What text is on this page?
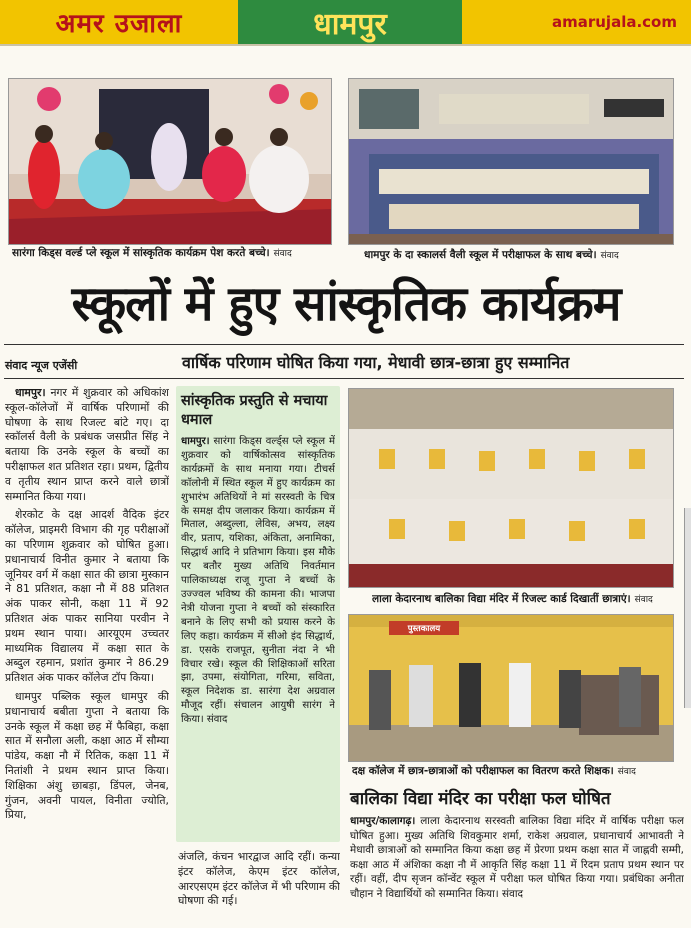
अमर उजाला	धामपुर	amarujala.com
सारंगा किड्स वर्ल्ड प्ले स्कूल में सांस्कृतिक कार्यक्रम पेश करते बच्चे। संवाद	धामपुर के दा स्कालर्स वैली स्कूल में परीक्षाफल के साथ बच्चे। संवाद
स्कूलों में हुए सांस्कृतिक कार्यक्रम
संवाद न्यूज एजेंसी	वार्षिक परिणाम घोषित किया गया, मेधावी छात्र-छात्रा हुए सम्मानित

धामपुर। नगर में शुक्रवार को अधिकांश स्कूल-कॉलेजों में वार्षिक परिणामों की घोषणा के साथ रिजल्ट बांटे गए। दा स्कॉलर्स वैली के प्रबंधक जसप्रीत सिंह ने बताया कि उनके स्कूल के बच्चों का परीक्षाफल शत प्रतिशत रहा। प्रथम, द्वितीय व तृतीय स्थान प्राप्त करने वाले छात्रों सम्मानित किया गया।

शेरकोट के दक्ष आदर्श वैदिक इंटर कॉलेज, प्राइमरी विभाग की गृह परीक्षाओं का परिणाम शुक्रवार को घोषित हुआ। प्रधानाचार्य विनीत कुमार ने बताया कि जूनियर वर्ग में कक्षा सात की छात्रा मुस्कान ने 81 प्रतिशत, कक्षा नौ में 88 प्रतिशत अंक पाकर सोनी, कक्षा 11 में 92 प्रतिशत अंक पाकर सानिया परवीन ने प्रथम स्थान पाया। आरयूएम उच्चतर माध्यमिक विद्यालय में कक्षा सात के अब्दुल रहमान, प्रशांत कुमार ने 86.29 प्रतिशत अंक पाकर कॉलेज टॉप किया।

धामपुर पब्लिक स्कूल धामपुर की प्रधानाचार्य बबीता गुप्ता ने बताया कि उनके स्कूल में कक्षा छह में फैबिहा, कक्षा सात में सनौला अली, कक्षा आठ में सौम्या पांडेय, कक्षा नौ में रितिक, कक्षा 11 में नितांशी ने प्रथम स्थान प्राप्त किया। शिक्षिका अंशु छाबड़ा, डिंपल, जेनब, गुंजन, अवनी पायल, विनीता ज्योति, प्रिया,

सांस्कृतिक प्रस्तुति से मचाया धमाल
धामपुर। सारंगा किड्स वर्ल्ड्स प्ले स्कूल में शुक्रवार को वार्षिकोत्सव सांस्कृतिक कार्यक्रमों के साथ मनाया गया। टीचर्स कॉलोनी में स्थित स्कूल में हुए कार्यक्रम का शुभारंभ अतिथियों ने मां सरस्वती के चित्र के समक्ष दीप जलाकर किया। कार्यक्रम में मिताल, अब्दुल्ला, लेविस, अभय, लक्ष्य वीर, प्रताप, यशिका, अंकिता, अनामिका, सिद्धार्थ आदि ने प्रतिभाग किया। इस मौके पर बतौर मुख्य अतिथि निवर्तमान पालिकाध्यक्ष राजू गुप्ता ने बच्चों के उज्ज्वल भविष्य की कामना की। भाजपा नेत्री योजना गुप्ता ने बच्चों को संस्कारित बनाने के लिए सभी को प्रयास करने के लिए कहा। कार्यक्रम में सीओ इंद सिद्धार्थ, डा. एसके राजपूत, सुनीता नंदा ने भी विचार रखे। स्कूल की शिक्षिकाओं सरिता झा, उपमा, संयोगिता, गरिमा, सविता, स्कूल निदेशक डा. सारंगा देश अग्रवाल मौजूद रहीं। संचालन आयुषी सारंग ने किया। संवाद
अंजलि, कंचन भारद्वाज आदि रहीं। कन्या इंटर कॉलेज, केएम इंटर कॉलेज, आरएसएम इंटर कॉलेज में भी परिणाम की घोषणा की गई।
लाला केदारनाथ बालिका विद्या मंदिर में रिजल्ट कार्ड दिखातीं छात्राएं। संवाद
पुस्तकालय
दक्ष कॉलेज में छात्र-छात्राओं को परीक्षाफल का वितरण करते शिक्षक। संवाद
बालिका विद्या मंदिर का परीक्षा फल घोषित
धामपुर/कालागढ़। लाला केदारनाथ सरस्वती बालिका विद्या मंदिर में वार्षिक परीक्षा फल घोषित हुआ। मुख्य अतिथि शिवकुमार शर्मा, राकेश अग्रवाल, प्रधानाचार्य आभावती ने मेधावी छात्राओं को सम्मानित किया कक्षा छह में प्रेरणा प्रथम कक्षा सात में जाह्नवी सम्मी, कक्षा आठ में अंशिका कक्षा नौ में आकृति सिंह कक्षा 11 में रिदम प्रताप प्रथम स्थान पर रहीं। वहीं, दीप सृजन कॉन्वेंट स्कूल में परीक्षा फल घोषित किया गया। प्रबंधिका अनीता चौहान ने विद्यार्थियों को सम्मानित किया। संवाद
